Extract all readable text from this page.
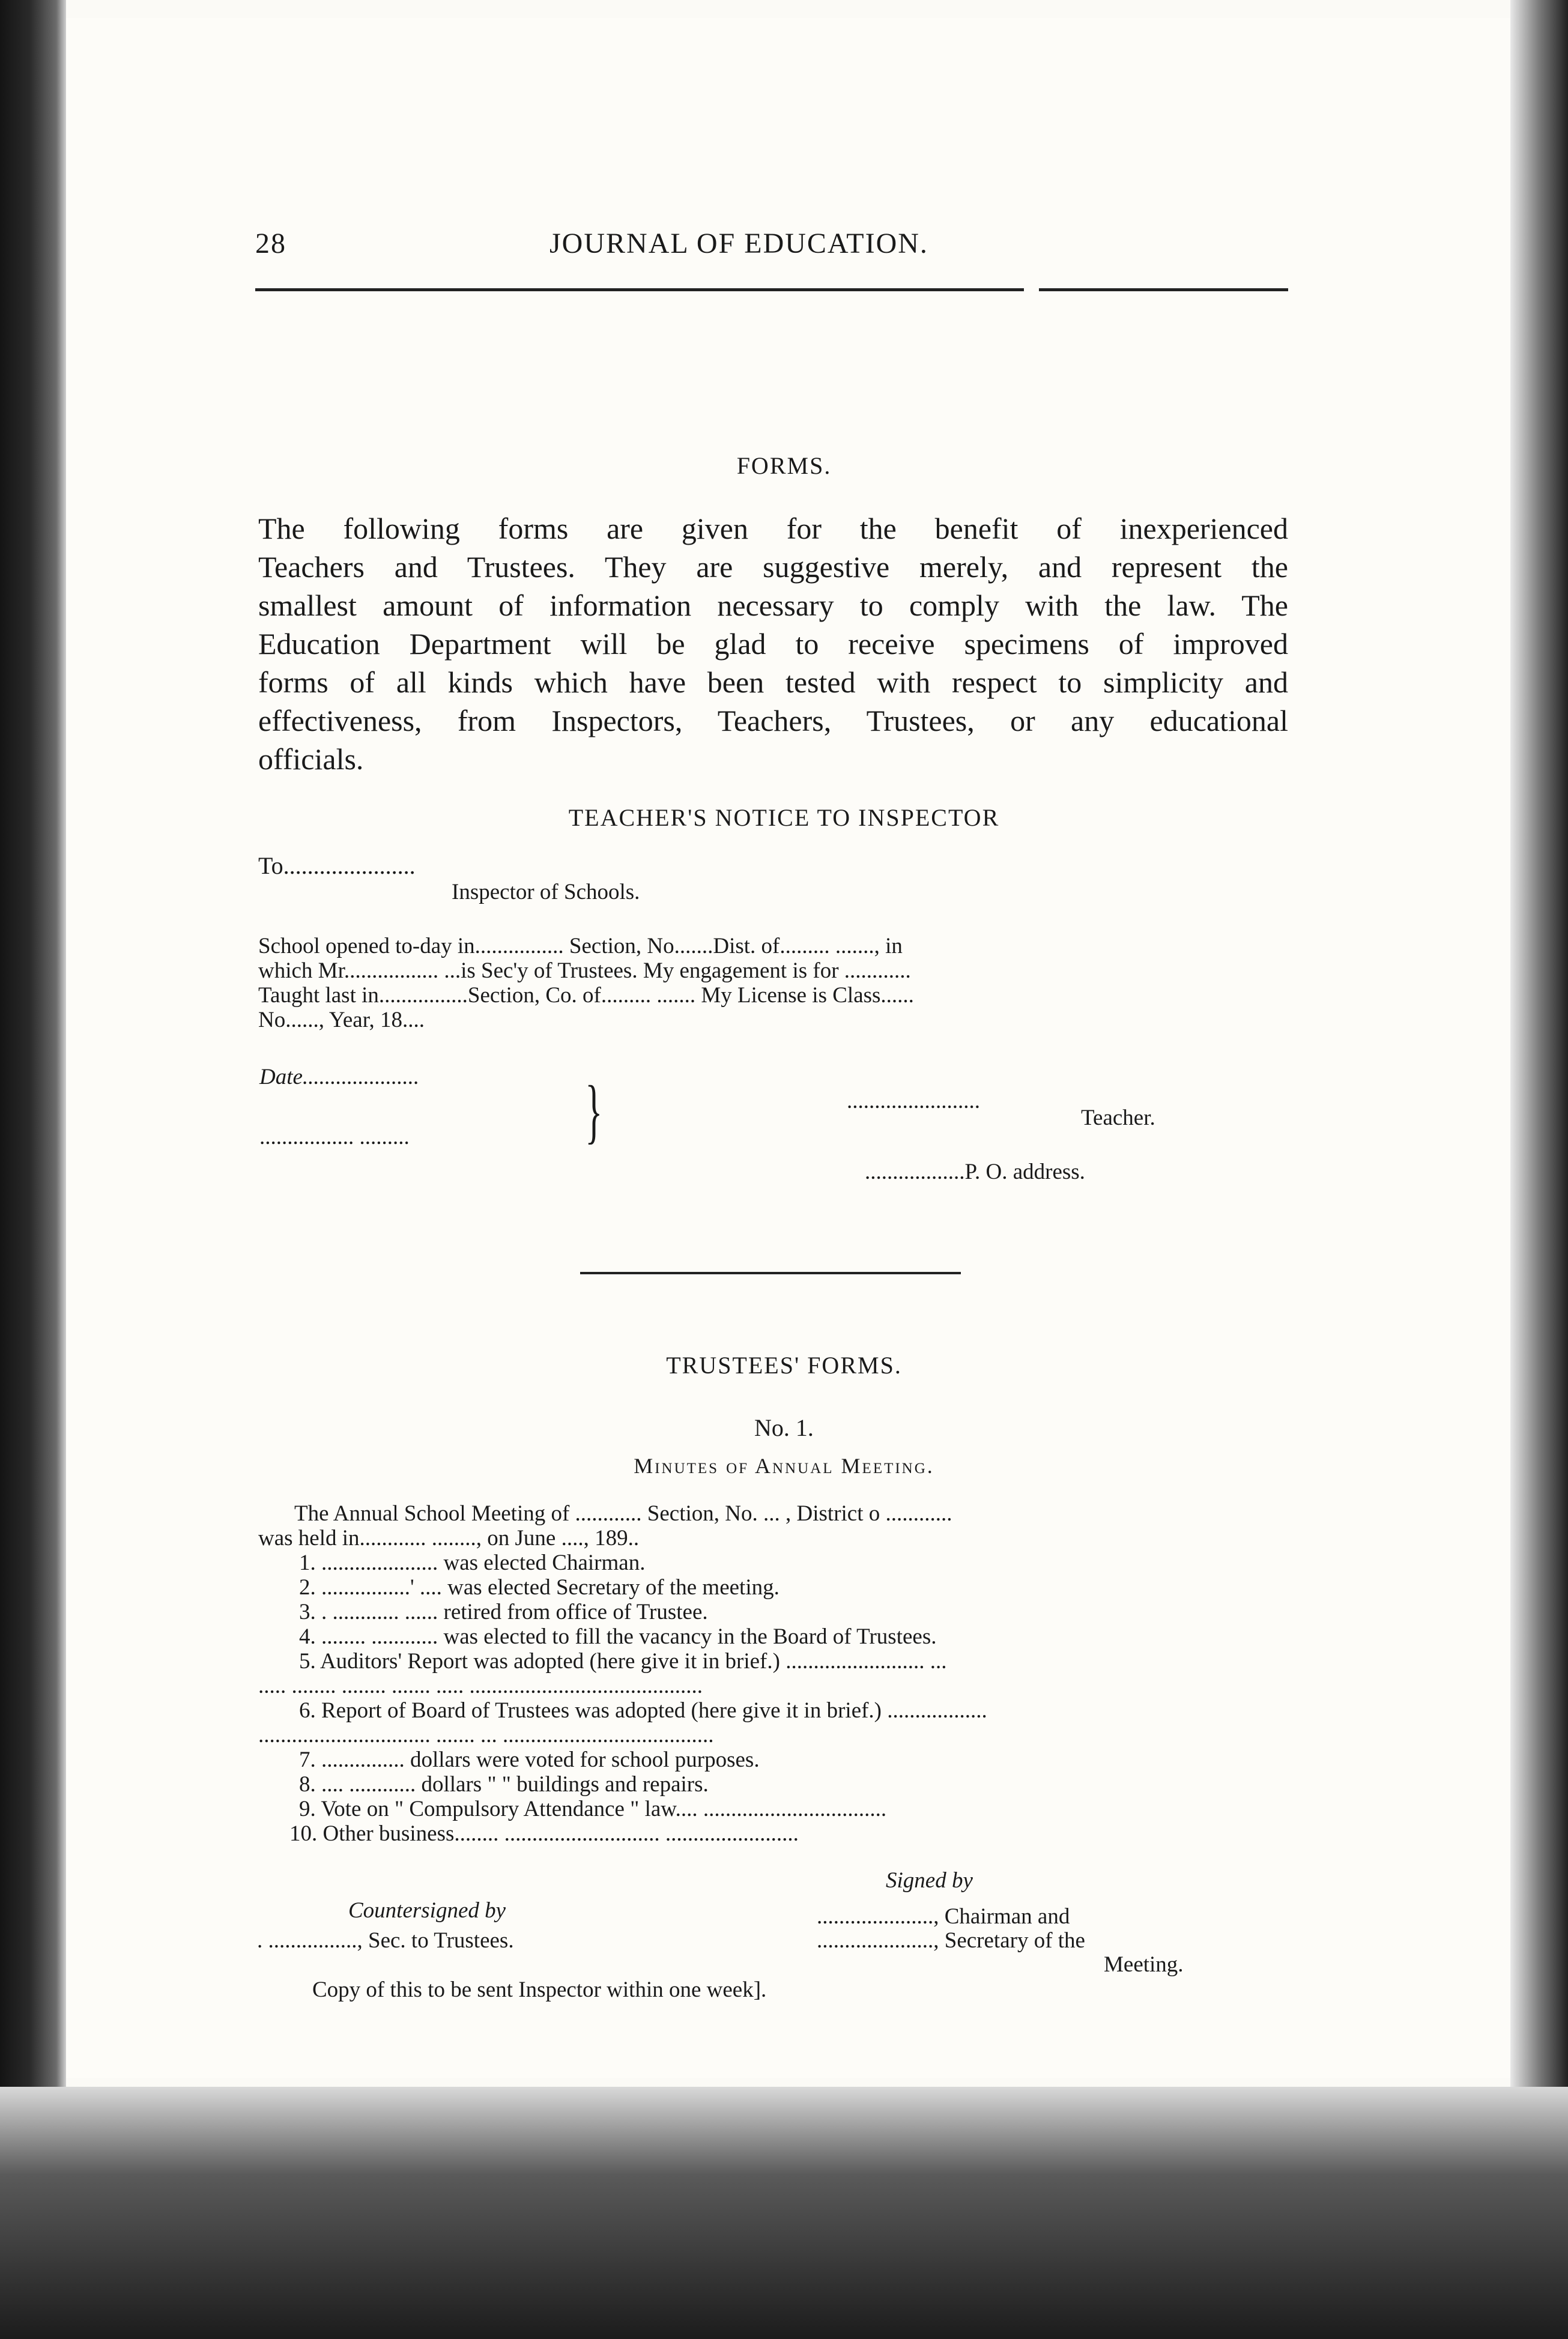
28	JOURNAL OF EDUCATION.
FORMS.
The following forms are given for the benefit of inexperienced
Teachers and Trustees. They are suggestive merely, and represent the
smallest amount of information necessary to comply with the law. The
Education Department will be glad to receive specimens of improved
forms of all kinds which have been tested with respect to simplicity and
effectiveness, from Inspectors, Teachers, Trustees, or any educational
officials.
TEACHER'S NOTICE TO INSPECTOR
To......................
Inspector of Schools.
School opened to-day in................ Section, No.......Dist. of......... ......., in
which Mr................. ...is Sec'y of Trustees. My engagement is for ............
Taught last in................Section, Co. of......... ....... My License is Class......
No......, Year, 18....
Date.....................
................. ......... }	........................
Teacher.
..................P. O. address.
TRUSTEES' FORMS.
No. 1.
Minutes of Annual Meeting.
The Annual School Meeting of ............ Section, No. ... , District o ............
was held in............ ........, on June ...., 189..
1. ..................... was elected Chairman.
2. ................' .... was elected Secretary of the meeting.
3. . ............ ...... retired from office of Trustee.
4. ........ ............ was elected to fill the vacancy in the Board of Trustees.
5. Auditors' Report was adopted (here give it in brief.) ......................... ...
..... ........ ........ ....... ..... ..........................................
6. Report of Board of Trustees was adopted (here give it in brief.) ..................
............................... ....... ... ......................................
7. ............... dollars were voted for school purposes.
8. .... ............ dollars " " buildings and repairs.
9. Vote on " Compulsory Attendance " law.... .................................
10. Other business........ ............................ ........................
Signed by
Countersigned by	....................., Chairman and
. ................, Sec. to Trustees.	....................., Secretary of the
Meeting.
Copy of this to be sent Inspector within one week].
